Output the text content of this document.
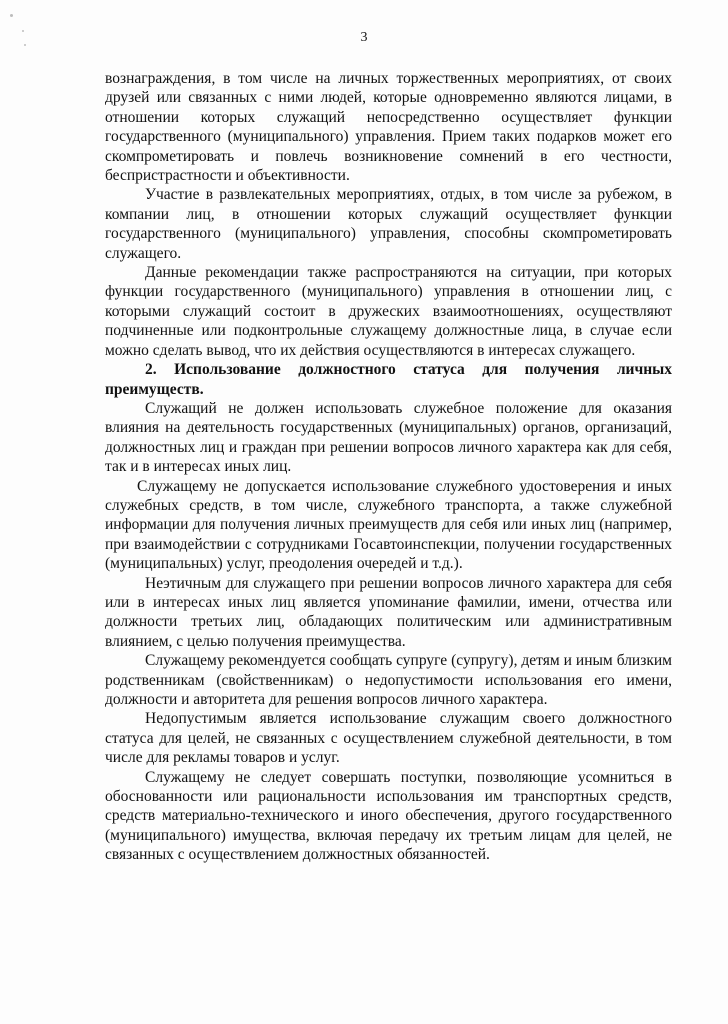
3

вознаграждения, в том числе на личных торжественных мероприятиях, от своих друзей или связанных с ними людей, которые одновременно являются лицами, в отношении которых служащий непосредственно осуществляет функции государственного (муниципального) управления. Прием таких подарков может его скомпрометировать и повлечь возникновение сомнений в его честности, беспристрастности и объективности.

Участие в развлекательных мероприятиях, отдых, в том числе за рубежом, в компании лиц, в отношении которых служащий осуществляет функции государственного (муниципального) управления, способны скомпрометировать служащего.

Данные рекомендации также распространяются на ситуации, при которых функции государственного (муниципального) управления в отношении лиц, с которыми служащий состоит в дружеских взаимоотношениях, осуществляют подчиненные или подконтрольные служащему должностные лица, в случае если можно сделать вывод, что их действия осуществляются в интересах служащего.

2. Использование должностного статуса для получения личных преимуществ.

Служащий не должен использовать служебное положение для оказания влияния на деятельность государственных (муниципальных) органов, организаций, должностных лиц и граждан при решении вопросов личного характера как для себя, так и в интересах иных лиц.

Служащему не допускается использование служебного удостоверения и иных служебных средств, в том числе, служебного транспорта, а также служебной информации для получения личных преимуществ для себя или иных лиц (например, при взаимодействии с сотрудниками Госавтоинспекции, получении государственных (муниципальных) услуг, преодоления очередей и т.д.).

Неэтичным для служащего при решении вопросов личного характера для себя или в интересах иных лиц является упоминание фамилии, имени, отчества или должности третьих лиц, обладающих политическим или административным влиянием, с целью получения преимущества.

Служащему рекомендуется сообщать супруге (супругу), детям и иным близким родственникам (свойственникам) о недопустимости использования его имени, должности и авторитета для решения вопросов личного характера.

Недопустимым является использование служащим своего должностного статуса для целей, не связанных с осуществлением служебной деятельности, в том числе для рекламы товаров и услуг.

Служащему не следует совершать поступки, позволяющие усомниться в обоснованности или рациональности использования им транспортных средств, средств материально-технического и иного обеспечения, другого государственного (муниципального) имущества, включая передачу их третьим лицам для целей, не связанных с осуществлением должностных обязанностей.
